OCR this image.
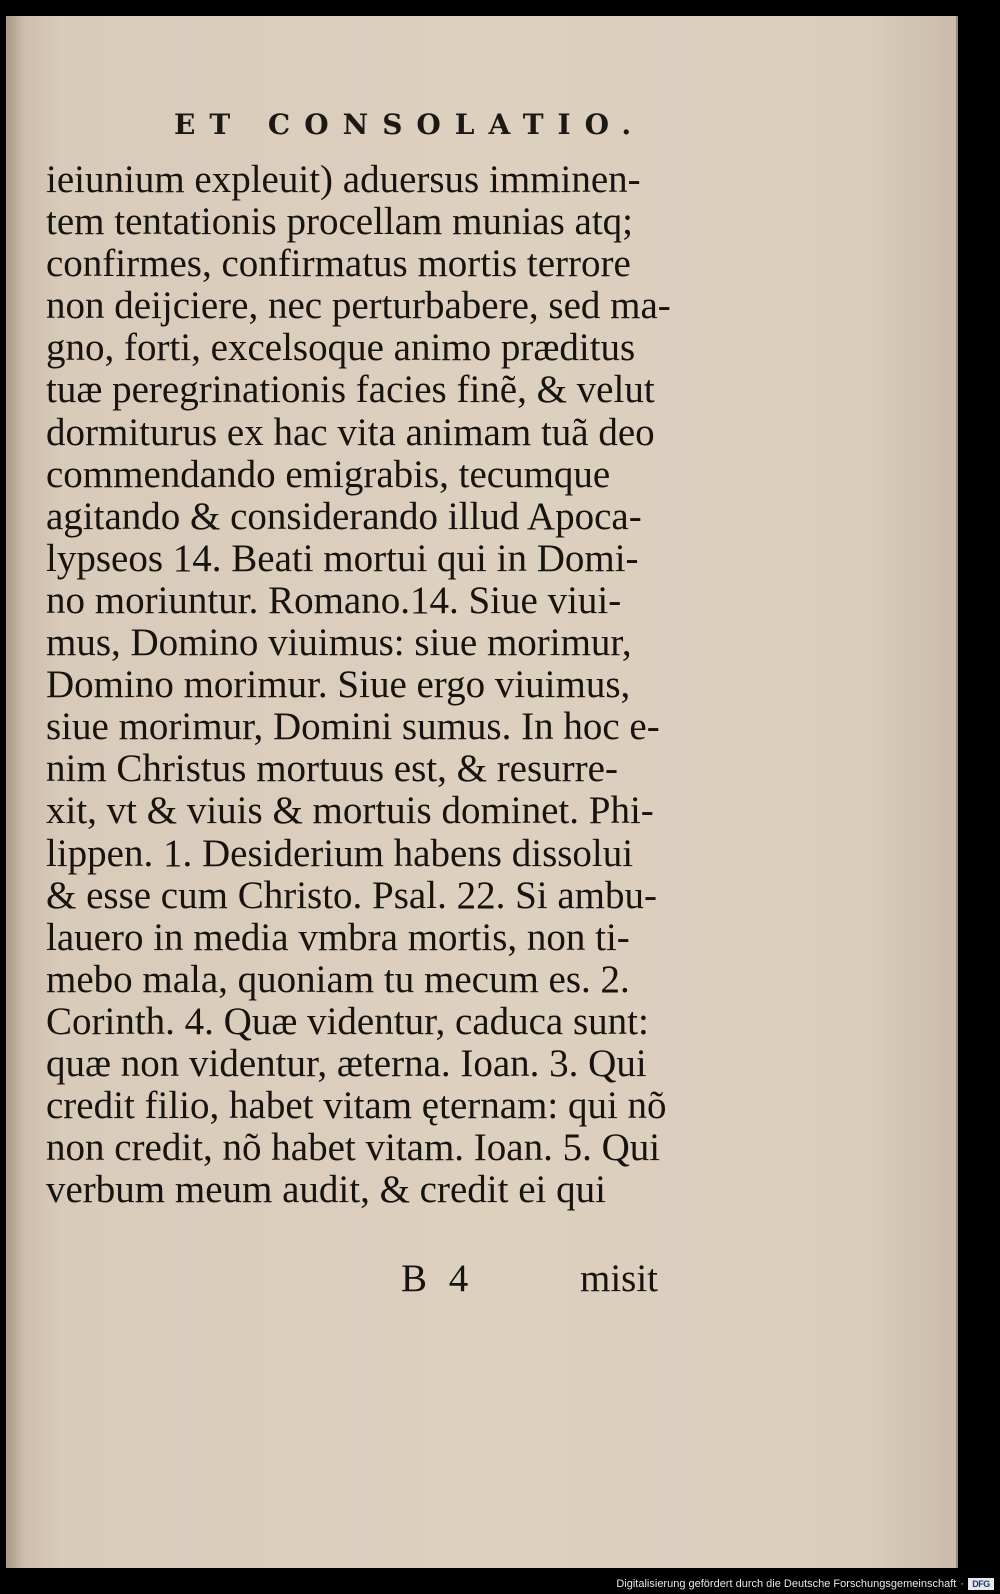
ET CONSOLATIO.
ieiunium expleuit) aduersus imminen-
tem tentationis procellam munias atq;
confirmes, confirmatus mortis terrore
non deijciere, nec perturbabere, sed ma-
gno, forti, excelsoque animo præditus
tuæ peregrinationis facies finẽ, & velut
dormiturus ex hac vita animam tuã deo
commendando emigrabis, tecumque
agitando & considerando illud Apoca-
lypseos 14. Beati mortui qui in Domi-
no moriuntur. Romano.14. Siue viui-
mus, Domino viuimus: siue morimur,
Domino morimur. Siue ergo viuimus,
siue morimur, Domini sumus. In hoc e-
nim Christus mortuus est, & resurre-
xit, vt & viuis & mortuis dominet. Phi-
lippen. 1. Desiderium habens dissolui
& esse cum Christo. Psal. 22. Si ambu-
lauero in media vmbra mortis, non ti-
mebo mala, quoniam tu mecum es. 2.
Corinth. 4. Quæ videntur, caduca sunt:
quæ non videntur, æterna. Ioan. 3. Qui
credit filio, habet vitam ęternam: qui nõ
non credit, nõ habet vitam. Ioan. 5. Qui
verbum meum audit, & credit ei qui
B 4	misit
Digitalisierung gefördert durch die Deutsche Forschungsgemeinschaft · DFG
